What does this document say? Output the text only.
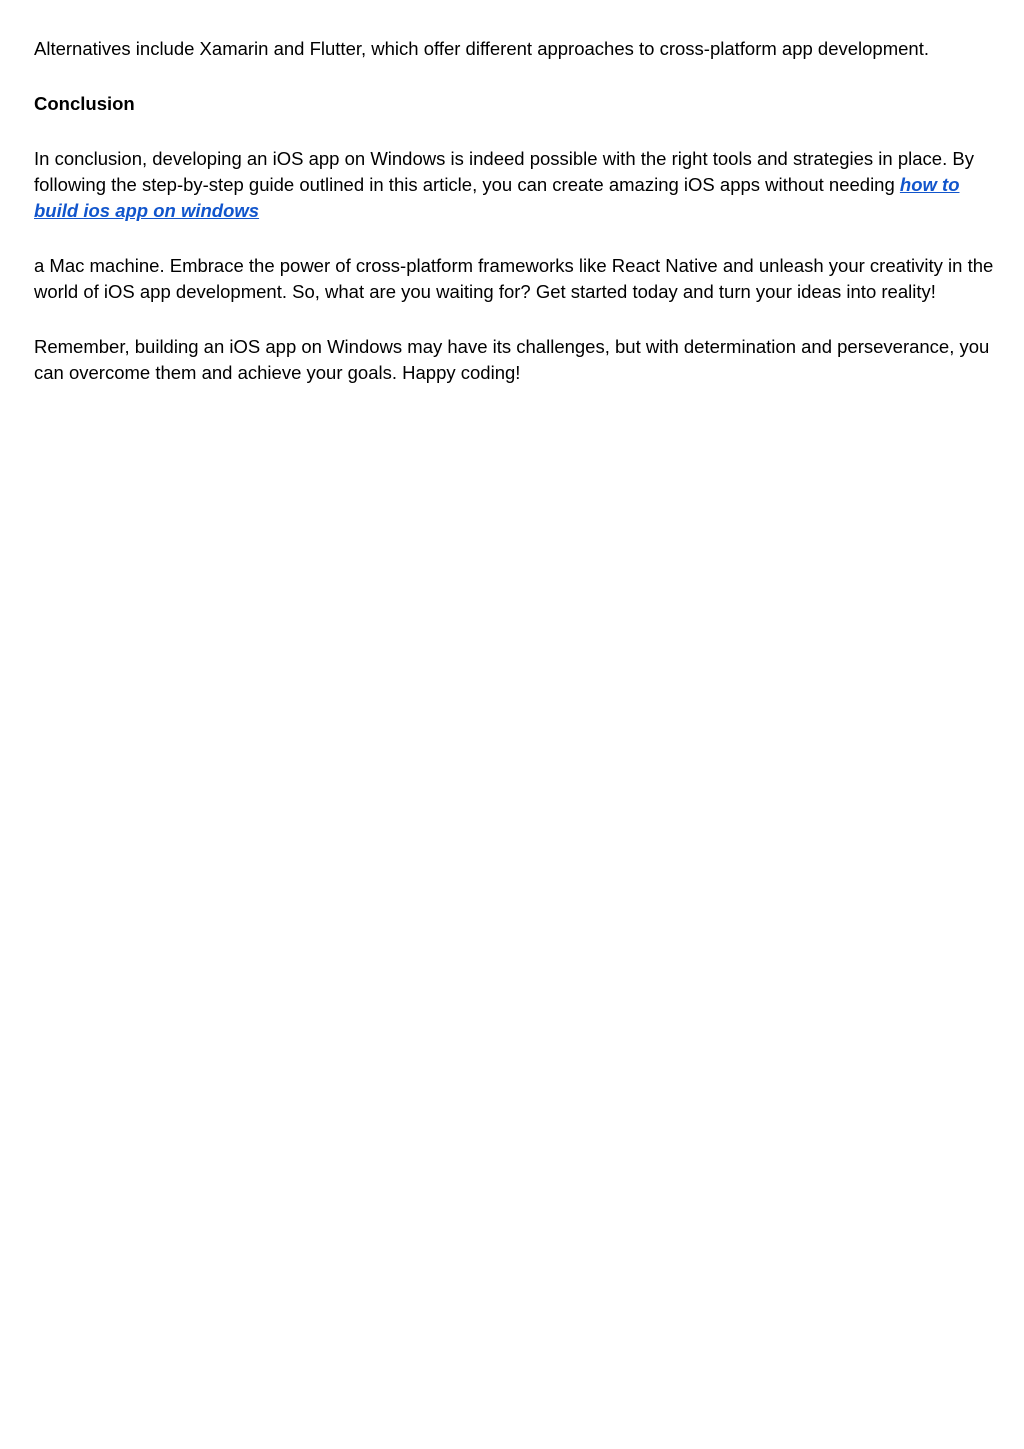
Alternatives include Xamarin and Flutter, which offer different approaches to cross-platform app development.

Conclusion

In conclusion, developing an iOS app on Windows is indeed possible with the right tools and strategies in place. By following the step-by-step guide outlined in this article, you can create amazing iOS apps without needing how to build ios app on windows

a Mac machine. Embrace the power of cross-platform frameworks like React Native and unleash your creativity in the world of iOS app development. So, what are you waiting for? Get started today and turn your ideas into reality!

Remember, building an iOS app on Windows may have its challenges, but with determination and perseverance, you can overcome them and achieve your goals. Happy coding!
